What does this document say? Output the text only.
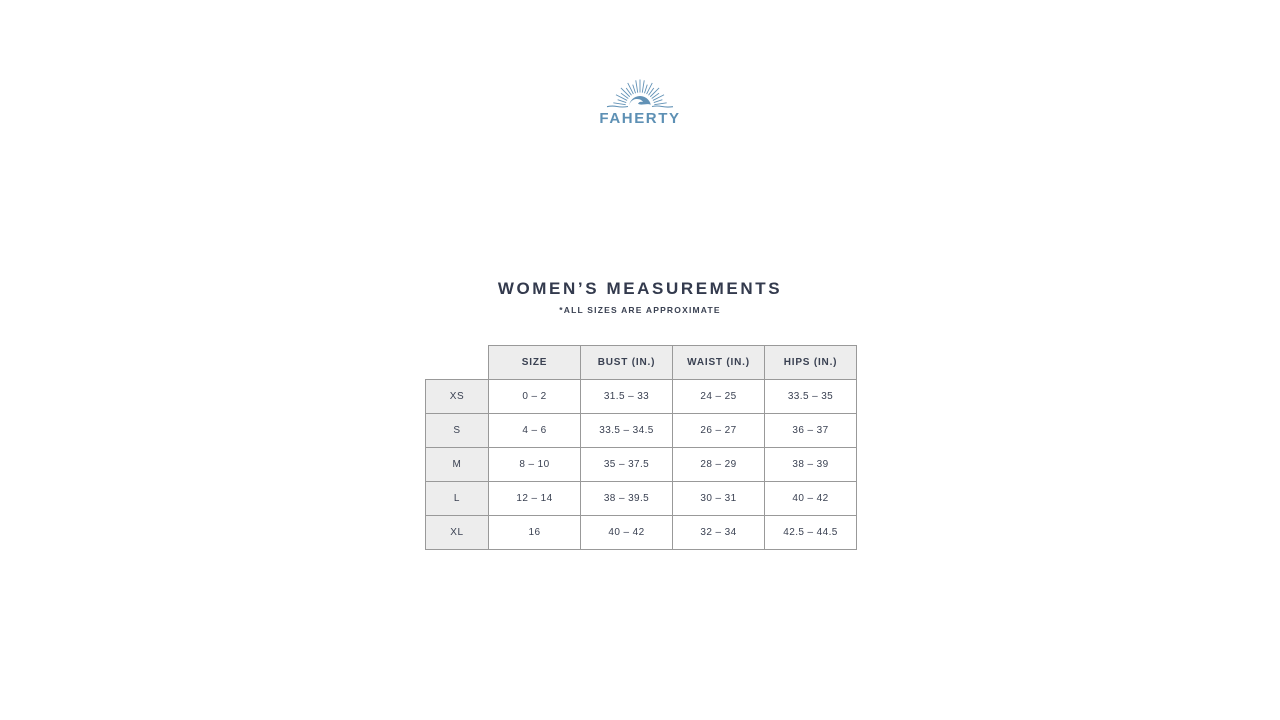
FAHERTY
WOMEN’S MEASUREMENTS
*ALL SIZES ARE APPROXIMATE
	SIZE	BUST (IN.)	WAIST (IN.)	HIPS (IN.)
XS	0 – 2	31.5 – 33	24 – 25	33.5 – 35
S	4 – 6	33.5 – 34.5	26 – 27	36 – 37
M	8 – 10	35 – 37.5	28 – 29	38 – 39
L	12 – 14	38 – 39.5	30 – 31	40 – 42
XL	16	40 – 42	32 – 34	42.5 – 44.5
